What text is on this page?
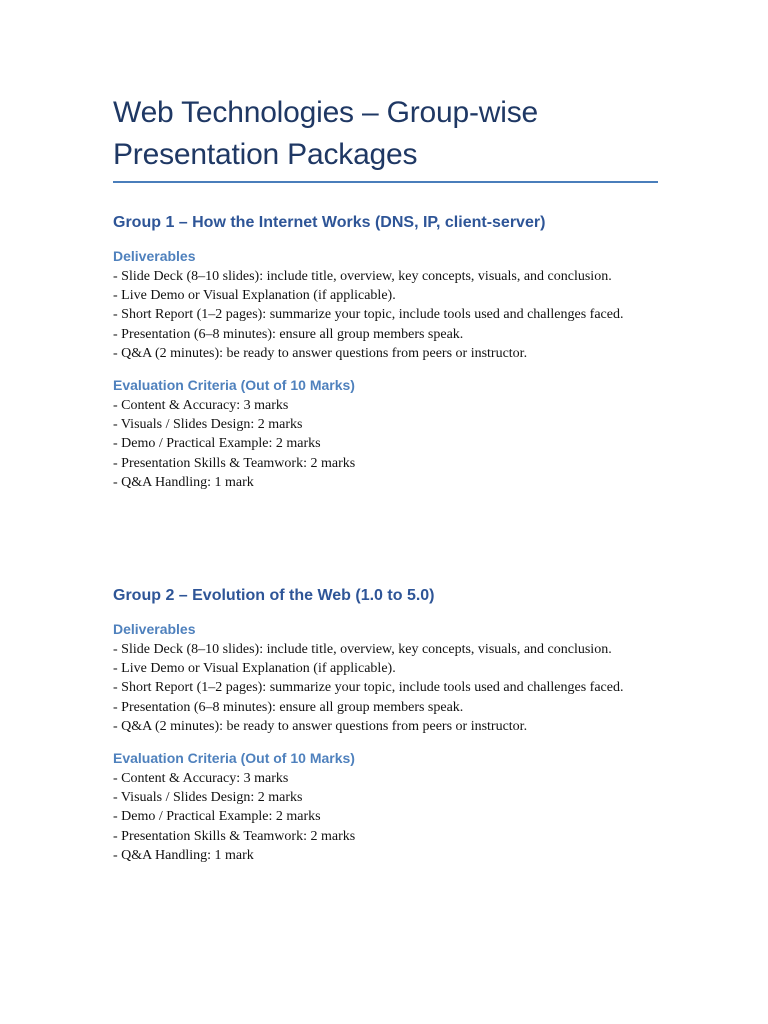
Web Technologies – Group-wise
Presentation Packages
Group 1 – How the Internet Works (DNS, IP, client-server)
Deliverables
- Slide Deck (8–10 slides): include title, overview, key concepts, visuals, and conclusion.
- Live Demo or Visual Explanation (if applicable).
- Short Report (1–2 pages): summarize your topic, include tools used and challenges faced.
- Presentation (6–8 minutes): ensure all group members speak.
- Q&A (2 minutes): be ready to answer questions from peers or instructor.
Evaluation Criteria (Out of 10 Marks)
- Content & Accuracy: 3 marks
- Visuals / Slides Design: 2 marks
- Demo / Practical Example: 2 marks
- Presentation Skills & Teamwork: 2 marks
- Q&A Handling: 1 mark
Group 2 – Evolution of the Web (1.0 to 5.0)
Deliverables
- Slide Deck (8–10 slides): include title, overview, key concepts, visuals, and conclusion.
- Live Demo or Visual Explanation (if applicable).
- Short Report (1–2 pages): summarize your topic, include tools used and challenges faced.
- Presentation (6–8 minutes): ensure all group members speak.
- Q&A (2 minutes): be ready to answer questions from peers or instructor.
Evaluation Criteria (Out of 10 Marks)
- Content & Accuracy: 3 marks
- Visuals / Slides Design: 2 marks
- Demo / Practical Example: 2 marks
- Presentation Skills & Teamwork: 2 marks
- Q&A Handling: 1 mark
